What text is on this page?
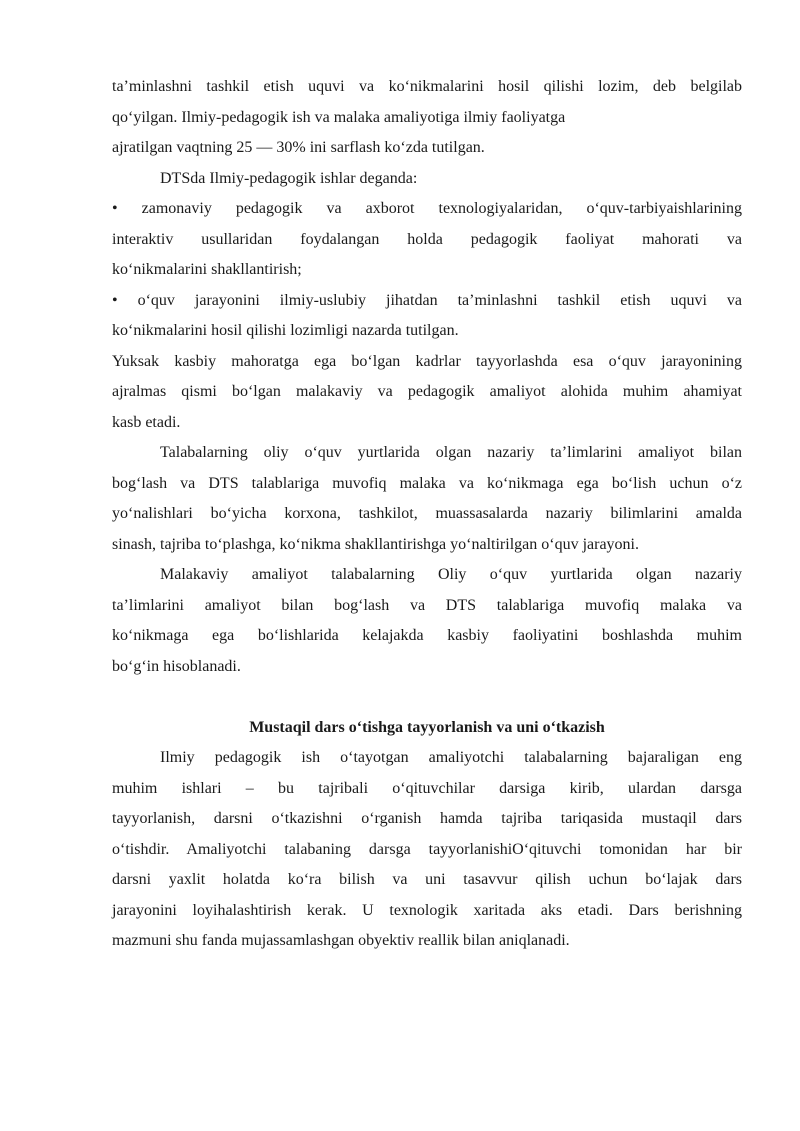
ta’minlashni tashkil etish uquvi va ko‘nikmalarini hosil qilishi lozim, deb belgilab
qo‘yilgan. Ilmiy-pedagogik ish va malaka amaliyotiga ilmiy faoliyatga
ajratilgan vaqtning 25 — 30% ini sarflash ko‘zda tutilgan.
DTSda Ilmiy-pedagogik ishlar deganda:
• zamonaviy pedagogik va axborot texnologiyalaridan, o‘quv-tarbiyaishlarining
interaktiv usullaridan foydalangan holda pedagogik faoliyat mahorati va
ko‘nikmalarini shakllantirish;
• o‘quv jarayonini ilmiy-uslubiy jihatdan ta’minlashni tashkil etish uquvi va
ko‘nikmalarini hosil qilishi lozimligi nazarda tutilgan.
Yuksak kasbiy mahoratga ega bo‘lgan kadrlar tayyorlashda esa o‘quv jarayonining
ajralmas qismi bo‘lgan malakaviy va pedagogik amaliyot alohida muhim ahamiyat
kasb etadi.
Talabalarning oliy o‘quv yurtlarida olgan nazariy ta’limlarini amaliyot bilan
bog‘lash va DTS talablariga muvofiq malaka va ko‘nikmaga ega bo‘lish uchun o‘z
yo‘nalishlari bo‘yicha korxona, tashkilot, muassasalarda nazariy bilimlarini amalda
sinash, tajriba to‘plashga, ko‘nikma shakllantirishga yo‘naltirilgan o‘quv jarayoni.
Malakaviy amaliyot talabalarning Oliy o‘quv yurtlarida olgan nazariy
ta’limlarini amaliyot bilan bog‘lash va DTS talablariga muvofiq malaka va
ko‘nikmaga ega bo‘lishlarida kelajakda kasbiy faoliyatini boshlashda muhim
bo‘g‘in hisoblanadi.
Mustaqil dars o‘tishga tayyorlanish va uni o‘tkazish
Ilmiy pedagogik ish o‘tayotgan amaliyotchi talabalarning bajaraligan eng
muhim ishlari – bu tajribali o‘qituvchilar darsiga kirib, ulardan darsga
tayyorlanish, darsni o‘tkazishni o‘rganish hamda tajriba tariqasida mustaqil dars
o‘tishdir. Amaliyotchi talabaning darsga tayyorlanishiO‘qituvchi tomonidan har bir
darsni yaxlit holatda ko‘ra bilish va uni tasavvur qilish uchun bo‘lajak dars
jarayonini loyihalashtirish kerak. U texnologik xaritada aks etadi. Dars berishning
mazmuni shu fanda mujassamlashgan obyektiv reallik bilan aniqlanadi.
